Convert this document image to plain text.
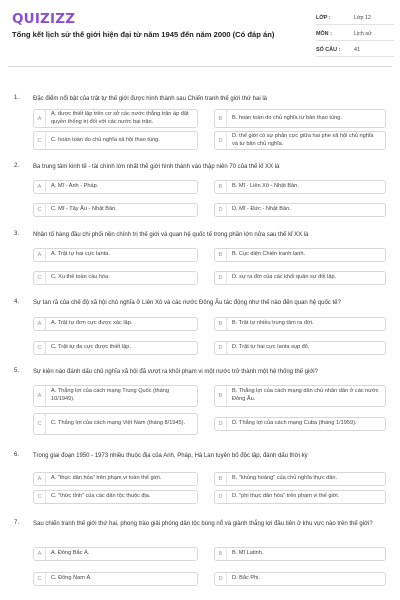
QUIZIZZ
Tổng kết lịch sử thế giới hiện đại từ năm 1945 đến năm 2000 (Có đáp án)
LỚP :	Lớp 12
MÔN :	Lịch sử
SỐ CÂU :	41
1. Đặc điểm nổi bật của trật tự thế giới được hình thành sau Chiến tranh thế giới thứ hai là
A
A. được thiết lập trên cơ sở các nước thắng trận áp đặt quyền thống trị đối với các nước bại trận.	B	B. hoàn toàn do chủ nghĩa tư bản thao túng.
C	C. hoàn toàn do chủ nghĩa xã hội thao túng.	D
D. thế giới có sự phân cực giữa hai phe xã hội chủ nghĩa và tư bản chủ nghĩa.
2. Ba trung tâm kinh tế - tài chính lớn nhất thế giới hình thành vào thập niên 70 của thế kỉ XX là
A	A. Mĩ - Anh - Pháp.	B	B. Mĩ - Liên Xô - Nhật Bản.
C	C. Mĩ - Tây Âu - Nhật Bản.	D	D. Mĩ - Đức - Nhật Bản.
3. Nhân tố hàng đầu chi phối nền chính trị thế giới và quan hệ quốc tế trong phần lớn nửa sau thế kỉ XX là
A	A. Trật tự hai cực Ianta.	B	B. Cục diện Chiến tranh lạnh.
C	C. Xu thế toàn cầu hóa.	D	D. sự ra đời của các khối quân sự đối lập.
4. Sự tan rã của chế độ xã hội chủ nghĩa ở Liên Xô và các nước Đông Âu tác động như thế nào đến quan hệ quốc tế?
A	A. Trật tự đơn cực được xác lập.	B	B. Trật tự nhiều trung tâm ra đời.
C	C. Trật tự đa cực được thiết lập.	D	D. Trật tự hai cực Ianta sụp đổ.
5. Sự kiện nào đánh dấu chủ nghĩa xã hội đã vượt ra khỏi phạm vi một nước trở thành một hệ thống thế giới?
A
A. Thắng lợi của cách mạng Trung Quốc (tháng 10/1949).	B
B. Thắng lợi của cách mạng dân chủ nhân dân ở các nước Đông Âu.
C	C. Thắng lợi của cách mạng Việt Nam (tháng 8/1945).	D	D. Thắng lợi của cách mạng Cuba (tháng 1/1959).
6. Trong giai đoạn 1950 - 1973 nhiều thuộc địa của Anh, Pháp, Hà Lan tuyên bố độc lập, đánh dấu thời kỳ
A	A. "thực dân hóa" trên phạm vi toàn thế giới.	B	B. "khủng hoảng" của chủ nghĩa thực dân.
C	C. "thức tỉnh" của các dân tộc thuộc địa.	D	D. "phi thực dân hóa" trên phạm vi thế giới.
7. Sau chiến tranh thế giới thứ hai, phong trào giải phóng dân tộc bùng nổ và giành thắng lợi đầu tiên ở khu vực nào trên thế giới?
A	A. Đông Bắc Á.	B	B. Mĩ Latinh.
C	C. Đông Nam Á.	D	D. Bắc Phi.
